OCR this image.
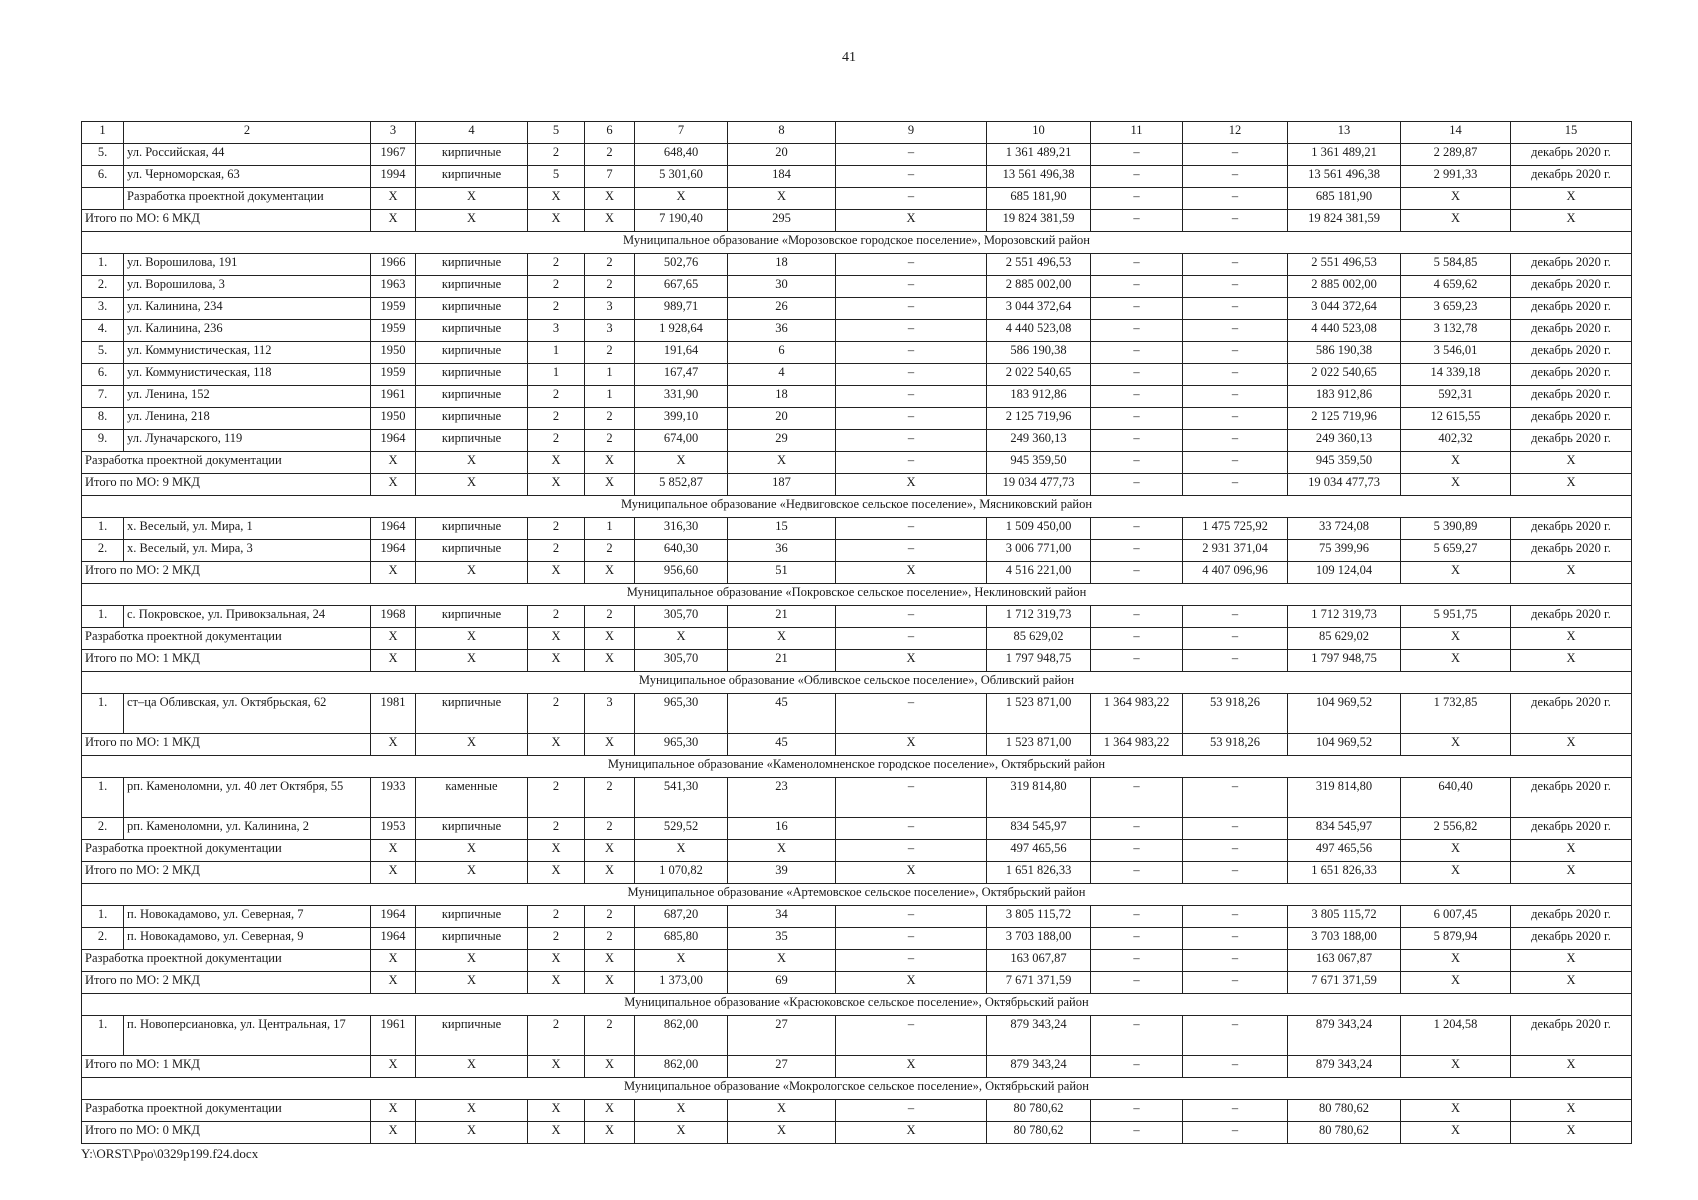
41
1	2	3	4	5	6	7	8	9	10	11	12	13	14	15
5.	ул. Российская, 44	1967	кирпичные	2	2	648,40	20	–	1 361 489,21	–	–	1 361 489,21	2 289,87	декабрь 2020 г.
6.	ул. Черноморская, 63	1994	кирпичные	5	7	5 301,60	184	–	13 561 496,38	–	–	13 561 496,38	2 991,33	декабрь 2020 г.
	Разработка проектной документации	X	X	X	X	X	X	–	685 181,90	–	–	685 181,90	X	X
Итого по МО: 6 МКД		X	X	X	X	7 190,40	295	X	19 824 381,59	–	–	19 824 381,59	X	X
Муниципальное образование «Морозовское городское поселение», Морозовский район														
1.	ул. Ворошилова, 191	1966	кирпичные	2	2	502,76	18	–	2 551 496,53	–	–	2 551 496,53	5 584,85	декабрь 2020 г.
2.	ул. Ворошилова, 3	1963	кирпичные	2	2	667,65	30	–	2 885 002,00	–	–	2 885 002,00	4 659,62	декабрь 2020 г.
3.	ул. Калинина, 234	1959	кирпичные	2	3	989,71	26	–	3 044 372,64	–	–	3 044 372,64	3 659,23	декабрь 2020 г.
4.	ул. Калинина, 236	1959	кирпичные	3	3	1 928,64	36	–	4 440 523,08	–	–	4 440 523,08	3 132,78	декабрь 2020 г.
5.	ул. Коммунистическая, 112	1950	кирпичные	1	2	191,64	6	–	586 190,38	–	–	586 190,38	3 546,01	декабрь 2020 г.
6.	ул. Коммунистическая, 118	1959	кирпичные	1	1	167,47	4	–	2 022 540,65	–	–	2 022 540,65	14 339,18	декабрь 2020 г.
7.	ул. Ленина, 152	1961	кирпичные	2	1	331,90	18	–	183 912,86	–	–	183 912,86	592,31	декабрь 2020 г.
8.	ул. Ленина, 218	1950	кирпичные	2	2	399,10	20	–	2 125 719,96	–	–	2 125 719,96	12 615,55	декабрь 2020 г.
9.	ул. Луначарского, 119	1964	кирпичные	2	2	674,00	29	–	249 360,13	–	–	249 360,13	402,32	декабрь 2020 г.
Разработка проектной документации		X	X	X	X	X	X	–	945 359,50	–	–	945 359,50	X	X
Итого по МО: 9 МКД		X	X	X	X	5 852,87	187	X	19 034 477,73	–	–	19 034 477,73	X	X
Муниципальное образование «Недвиговское сельское поселение», Мясниковский район														
1.	х. Веселый, ул. Мира, 1	1964	кирпичные	2	1	316,30	15	–	1 509 450,00	–	1 475 725,92	33 724,08	5 390,89	декабрь 2020 г.
2.	х. Веселый, ул. Мира, 3	1964	кирпичные	2	2	640,30	36	–	3 006 771,00	–	2 931 371,04	75 399,96	5 659,27	декабрь 2020 г.
Итого по МО: 2 МКД		X	X	X	X	956,60	51	X	4 516 221,00	–	4 407 096,96	109 124,04	X	X
Муниципальное образование «Покровское сельское поселение», Неклиновский район														
1.	с. Покровское, ул. Привокзальная, 24	1968	кирпичные	2	2	305,70	21	–	1 712 319,73	–	–	1 712 319,73	5 951,75	декабрь 2020 г.
Разработка проектной документации		X	X	X	X	X	X	–	85 629,02	–	–	85 629,02	X	X
Итого по МО: 1 МКД		X	X	X	X	305,70	21	X	1 797 948,75	–	–	1 797 948,75	X	X
Муниципальное образование «Обливское сельское поселение», Обливский район														
1.	ст–ца Обливская, ул. Октябрьская, 62	1981	кирпичные	2	3	965,30	45	–	1 523 871,00	1 364 983,22	53 918,26	104 969,52	1 732,85	декабрь 2020 г.
Итого по МО: 1 МКД		X	X	X	X	965,30	45	X	1 523 871,00	1 364 983,22	53 918,26	104 969,52	X	X
Муниципальное образование «Каменоломненское городское поселение», Октябрьский район														
1.	рп. Каменоломни, ул. 40 лет Октября, 55	1933	каменные	2	2	541,30	23	–	319 814,80	–	–	319 814,80	640,40	декабрь 2020 г.
2.	рп. Каменоломни, ул. Калинина, 2	1953	кирпичные	2	2	529,52	16	–	834 545,97	–	–	834 545,97	2 556,82	декабрь 2020 г.
Разработка проектной документации		X	X	X	X	X	X	–	497 465,56	–	–	497 465,56	X	X
Итого по МО: 2 МКД		X	X	X	X	1 070,82	39	X	1 651 826,33	–	–	1 651 826,33	X	X
Муниципальное образование «Артемовское сельское поселение», Октябрьский район														
1.	п. Новокадамово, ул. Северная, 7	1964	кирпичные	2	2	687,20	34	–	3 805 115,72	–	–	3 805 115,72	6 007,45	декабрь 2020 г.
2.	п. Новокадамово, ул. Северная, 9	1964	кирпичные	2	2	685,80	35	–	3 703 188,00	–	–	3 703 188,00	5 879,94	декабрь 2020 г.
Разработка проектной документации		X	X	X	X	X	X	–	163 067,87	–	–	163 067,87	X	X
Итого по МО: 2 МКД		X	X	X	X	1 373,00	69	X	7 671 371,59	–	–	7 671 371,59	X	X
Муниципальное образование «Красюковское сельское поселение», Октябрьский район														
1.	п. Новоперсиановка, ул. Центральная, 17	1961	кирпичные	2	2	862,00	27	–	879 343,24	–	–	879 343,24	1 204,58	декабрь 2020 г.
Итого по МО: 1 МКД		X	X	X	X	862,00	27	X	879 343,24	–	–	879 343,24	X	X
Муниципальное образование «Мокрологское сельское поселение», Октябрьский район														
Разработка проектной документации		X	X	X	X	X	X	–	80 780,62	–	–	80 780,62	X	X
Итого по МО: 0 МКД		X	X	X	X	X	X	X	80 780,62	–	–	80 780,62	X	X
Y:\ORST\Ppo\0329p199.f24.docx
